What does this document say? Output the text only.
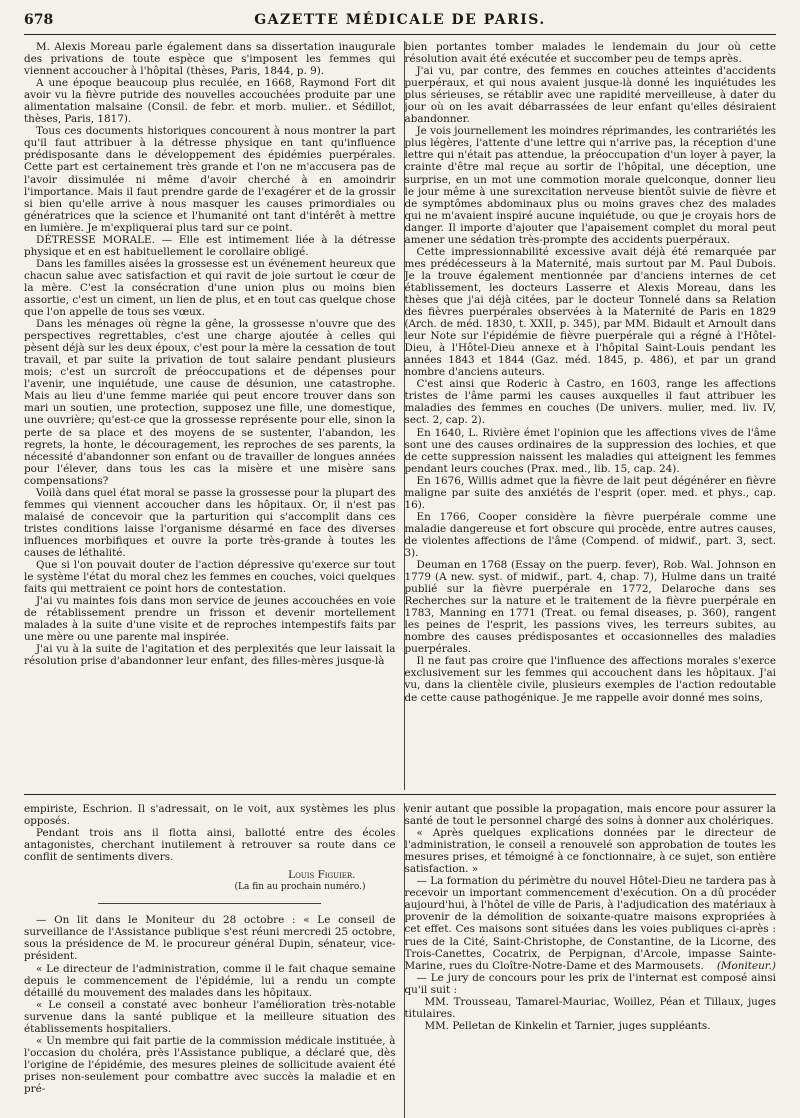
678	GAZETTE MÉDICALE DE PARIS.

M. Alexis Moreau parle également dans sa dissertation inaugurale des privations de toute espèce que s'imposent les femmes qui viennent accoucher à l'hôpital (thèses, Paris, 1844, p. 9).

A une époque beaucoup plus reculée, en 1668, Raymond Fort dit avoir vu la fièvre putride des nouvelles accouchées produite par une alimentation malsaine (Consil. de febr. et morb. mulier.. et Sédillot, thèses, Paris, 1817).

Tous ces documents historiques concourent à nous montrer la part qu'il faut attribuer à la détresse physique en tant qu'influence prédisposante dans le développement des épidémies puerpérales. Cette part est certainement très grande et l'on ne m'accusera pas de l'avoir dissimulée ni même d'avoir cherché à en amoindrir l'importance. Mais il faut prendre garde de l'exagérer et de la grossir si bien qu'elle arrive à nous masquer les causes primordiales ou génératrices que la science et l'humanité ont tant d'intérêt à mettre en lumière. Je m'expliquerai plus tard sur ce point.

DÉTRESSE MORALE. — Elle est intimement liée à la détresse physique et en est habituellement le corollaire obligé.

Dans les familles aisées la grossesse est un événement heureux que chacun salue avec satisfaction et qui ravit de joie surtout le cœur de la mère. C'est la consécration d'une union plus ou moins bien assortie, c'est un ciment, un lien de plus, et en tout cas quelque chose que l'on appelle de tous ses vœux.

Dans les ménages où règne la gêne, la grossesse n'ouvre que des perspectives regrettables, c'est une charge ajoutée à celles qui pèsent déjà sur les deux époux, c'est pour la mère la cessation de tout travail, et par suite la privation de tout salaire pendant plusieurs mois; c'est un surcroît de préoccupations et de dépenses pour l'avenir, une inquiétude, une cause de désunion, une catastrophe. Mais au lieu d'une femme mariée qui peut encore trouver dans son mari un soutien, une protection, supposez une fille, une domestique, une ouvrière; qu'est-ce que la grossesse représente pour elle, sinon la perte de sa place et des moyens de se sustenter, l'abandon, les regrets, la honte, le découragement, les reproches de ses parents, la nécessité d'abandonner son enfant ou de travailler de longues années pour l'élever, dans tous les cas la misère et une misère sans compensations?

Voilà dans quel état moral se passe la grossesse pour la plupart des femmes qui viennent accoucher dans les hôpitaux. Or, il n'est pas malaisé de concevoir que la parturition qui s'accomplit dans ces tristes conditions laisse l'organisme désarmé en face des diverses influences morbifiques et ouvre la porte très-grande à toutes les causes de léthalité.

Que si l'on pouvait douter de l'action dépressive qu'exerce sur tout le système l'état du moral chez les femmes en couches, voici quelques faits qui mettraient ce point hors de contestation.

J'ai vu maintes fois dans mon service de jeunes accouchées en voie de rétablissement prendre un frisson et devenir mortellement malades à la suite d'une visite et de reproches intempestifs faits par une mère ou une parente mal inspirée.

J'ai vu à la suite de l'agitation et des perplexités que leur laissait la résolution prise d'abandonner leur enfant, des filles-mères jusque-là

bien portantes tomber malades le lendemain du jour où cette résolution avait été exécutée et succomber peu de temps après.

J'ai vu, par contre, des femmes en couches atteintes d'accidents puerpéraux, et qui nous avaient jusque-là donné les inquiétudes les plus sérieuses, se rétablir avec une rapidité merveilleuse, à dater du jour où on les avait débarrassées de leur enfant qu'elles désiraient abandonner.

Je vois journellement les moindres réprimandes, les contrariétés les plus légères, l'attente d'une lettre qui n'arrive pas, la réception d'une lettre qui n'était pas attendue, la préoccupation d'un loyer à payer, la crainte d'être mal reçue au sortir de l'hôpital, une déception, une surprise, en un mot une commotion morale quelconque, donner lieu le jour même à une surexcitation nerveuse bientôt suivie de fièvre et de symptômes abdominaux plus ou moins graves chez des malades qui ne m'avaient inspiré aucune inquiétude, ou que je croyais hors de danger. Il importe d'ajouter que l'apaisement complet du moral peut amener une sédation très-prompte des accidents puerpéraux.

Cette impressionnabilité excessive avait déjà été remarquée par mes prédécesseurs à la Maternité, mais surtout par M. Paul Dubois. Je la trouve également mentionnée par d'anciens internes de cet établissement, les docteurs Lasserre et Alexis Moreau, dans les thèses que j'ai déjà citées, par le docteur Tonnelé dans sa Relation des fièvres puerpérales observées à la Maternité de Paris en 1829 (Arch. de méd. 1830, t. XXII, p. 345), par MM. Bidault et Arnoult dans leur Note sur l'épidémie de fièvre puerpérale qui a régné à l'Hôtel-Dieu, à l'Hôtel-Dieu annexe et à l'hôpital Saint-Louis pendant les années 1843 et 1844 (Gaz. méd. 1845, p. 486), et par un grand nombre d'anciens auteurs.

C'est ainsi que Roderic à Castro, en 1603, range les affections tristes de l'âme parmi les causes auxquelles il faut attribuer les maladies des femmes en couches (De univers. mulier, med. liv. IV, sect. 2, cap. 2).

En 1640, L. Rivière émet l'opinion que les affections vives de l'âme sont une des causes ordinaires de la suppression des lochies, et que de cette suppression naissent les maladies qui atteignent les femmes pendant leurs couches (Prax. med., lib. 15, cap. 24).

En 1676, Willis admet que la fièvre de lait peut dégénérer en fièvre maligne par suite des anxiétés de l'esprit (oper. med. et phys., cap. 16).

En 1766, Cooper considère la fièvre puerpérale comme une maladie dangereuse et fort obscure qui procède, entre autres causes, de violentes affections de l'âme (Compend. of midwif., part. 3, sect. 3).

Deuman en 1768 (Essay on the puerp. fever), Rob. Wal. Johnson en 1779 (A new. syst. of midwif., part. 4, chap. 7), Hulme dans un traité publié sur la fièvre puerpérale en 1772, Delaroche dans ses Recherches sur la nature et le traitement de la fièvre puerpérale en 1783, Manning en 1771 (Treat. ou femal diseases, p. 360), rangent les peines de l'esprit, les passions vives, les terreurs subites, au nombre des causes prédisposantes et occasionnelles des maladies puerpérales.

Il ne faut pas croire que l'influence des affections morales s'exerce exclusivement sur les femmes qui accouchent dans les hôpitaux. J'ai vu, dans la clientèle civile, plusieurs exemples de l'action redoutable de cette cause pathogénique. Je me rappelle avoir donné mes soins,

empiriste, Eschrion. Il s'adressait, on le voit, aux systèmes les plus opposés.

Pendant trois ans il flotta ainsi, ballotté entre des écoles antagonistes, cherchant inutilement à retrouver sa route dans ce conflit de sentiments divers.

Louis Figuier.
(La fin au prochain numéro.)

— On lit dans le Moniteur du 28 octobre : « Le conseil de surveillance de l'Assistance publique s'est réuni mercredi 25 octobre, sous la présidence de M. le procureur général Dupin, sénateur, vice-président.

« Le directeur de l'administration, comme il le fait chaque semaine depuis le commencement de l'épidémie, lui a rendu un compte détaillé du mouvement des malades dans les hôpitaux.

« Le conseil a constaté avec bonheur l'amélioration très-notable survenue dans la santé publique et la meilleure situation des établissements hospitaliers.

« Un membre qui fait partie de la commission médicale instituée, à l'occasion du choléra, près l'Assistance publique, a déclaré que, dès l'origine de l'épidémie, des mesures pleines de sollicitude avaient été prises non-seulement pour combattre avec succès la maladie et en pré-

venir autant que possible la propagation, mais encore pour assurer la santé de tout le personnel chargé des soins à donner aux cholériques.

« Après quelques explications données par le directeur de l'administration, le conseil a renouvelé son approbation de toutes les mesures prises, et témoigné à ce fonctionnaire, à ce sujet, son entière satisfaction. »

— La formation du périmètre du nouvel Hôtel-Dieu ne tardera pas à recevoir un important commencement d'exécution. On a dû procéder aujourd'hui, à l'hôtel de ville de Paris, à l'adjudication des matériaux à provenir de la démolition de soixante-quatre maisons expropriées à cet effet. Ces maisons sont situées dans les voies publiques ci-après : rues de la Cité, Saint-Christophe, de Constantine, de la Licorne, des Trois-Canettes, Cocatrix, de Perpignan, d'Arcole, impasse Sainte-Marine, rues du Cloître-Notre-Dame et des Marmousets.	(Moniteur.)

— Le jury de concours pour les prix de l'internat est composé ainsi qu'il suit :

MM. Trousseau, Tamarel-Mauriac, Woillez, Péan et Tillaux, juges titulaires.

MM. Pelletan de Kinkelin et Tarnier, juges suppléants.
